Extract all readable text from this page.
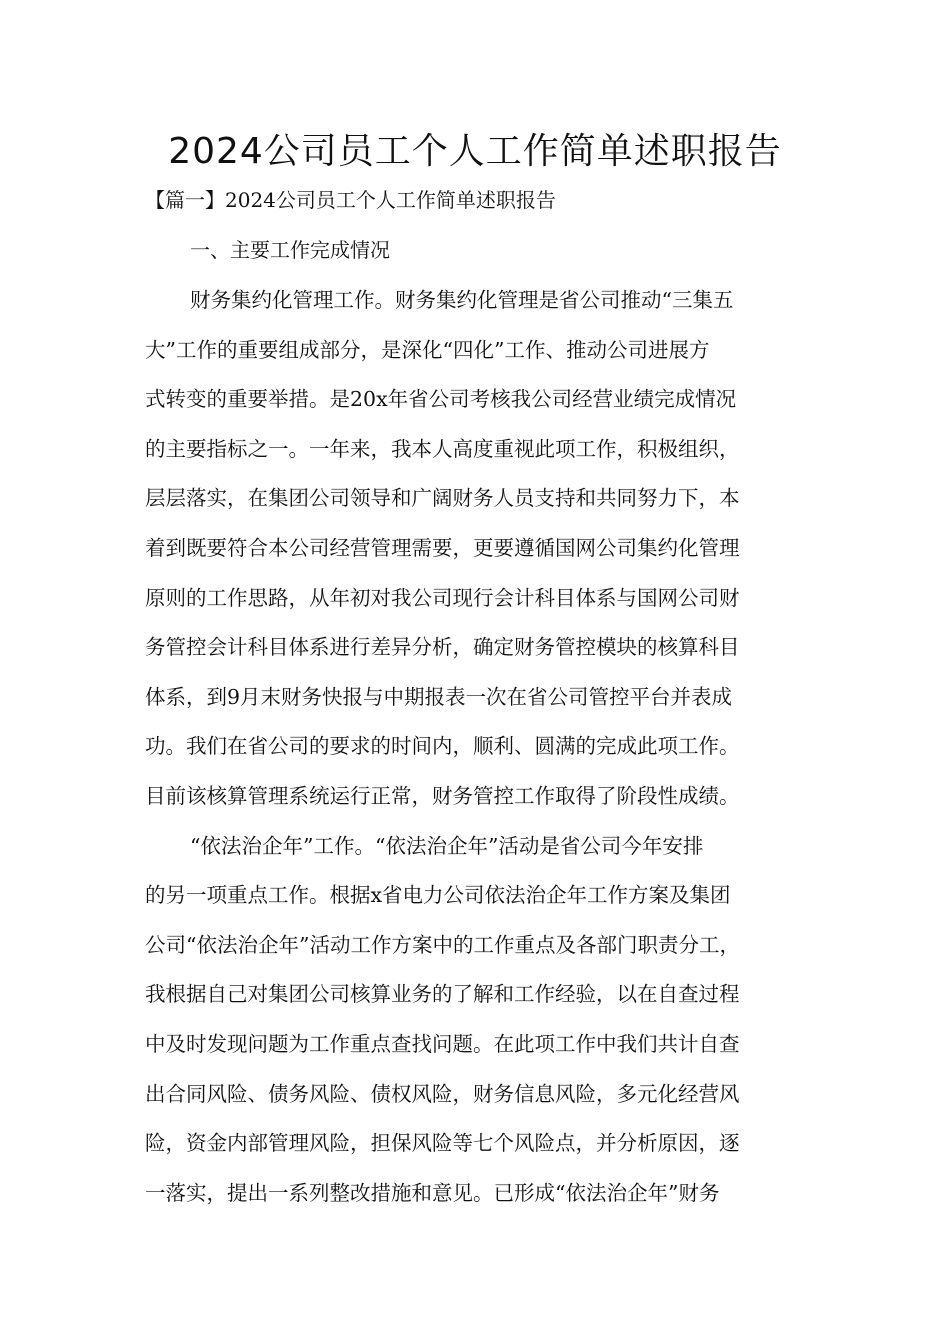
2024公司员工个人工作简单述职报告

【篇一】2024公司员工个人工作简单述职报告

一、主要工作完成情况

财务集约化管理工作。财务集约化管理是省公司推动“三集五
大”工作的重要组成部分，是深化“四化”工作、推动公司进展方
式转变的重要举措。是20x年省公司考核我公司经营业绩完成情况
的主要指标之一。一年来，我本人高度重视此项工作，积极组织，
层层落实，在集团公司领导和广阔财务人员支持和共同努力下，本
着到既要符合本公司经营管理需要，更要遵循国网公司集约化管理
原则的工作思路，从年初对我公司现行会计科目体系与国网公司财
务管控会计科目体系进行差异分析，确定财务管控模块的核算科目
体系，到9月末财务快报与中期报表一次在省公司管控平台并表成
功。我们在省公司的要求的时间内，顺利、圆满的完成此项工作。
目前该核算管理系统运行正常，财务管控工作取得了阶段性成绩。
“依法治企年”工作。“依法治企年”活动是省公司今年安排
的另一项重点工作。根据x省电力公司依法治企年工作方案及集团
公司“依法治企年”活动工作方案中的工作重点及各部门职责分工，
我根据自己对集团公司核算业务的了解和工作经验，以在自查过程
中及时发现问题为工作重点查找问题。在此项工作中我们共计自查
出合同风险、债务风险、债权风险，财务信息风险，多元化经营风
险，资金内部管理风险，担保风险等七个风险点，并分析原因，逐
一落实，提出一系列整改措施和意见。已形成“依法治企年”财务
